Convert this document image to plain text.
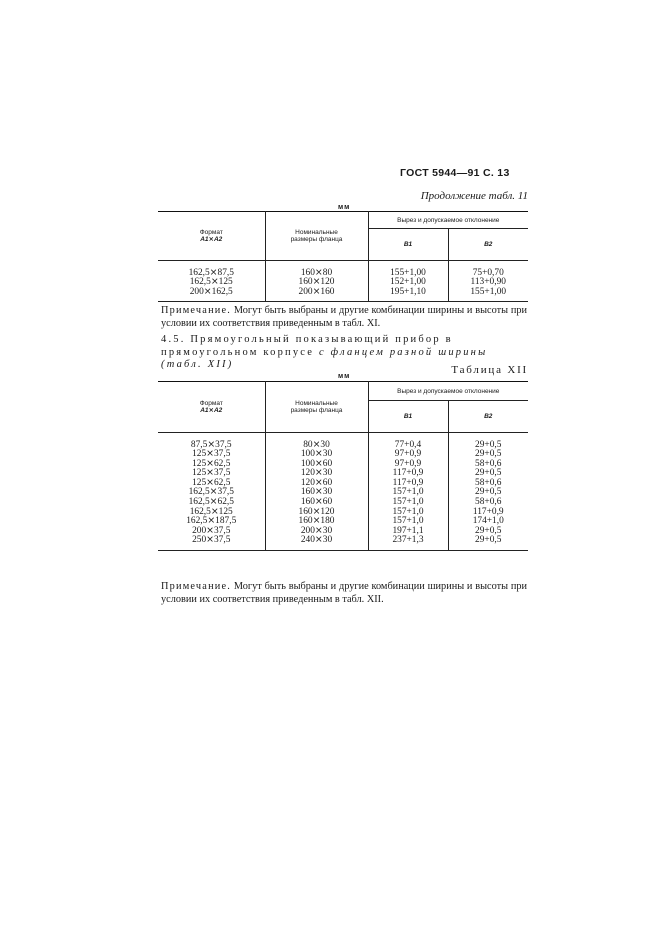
ГОСТ 5944—91 С. 13
Продолжение табл. 11
мм
Формат
А1⨯А2	Номинальные размеры фланца	Вырез и допускаемое отклонение	
		В1	В2

162,5⨯87,5	160⨯80	155+1,00	75+0,70
162,5⨯125	160⨯120	152+1,00	113+0,90
200⨯162,5	200⨯160	195+1,10	155+1,00

Примечание. Могут быть выбраны и другие комбинации ширины и высоты при условии их соответствия приведенным в табл. XI.
4.5. Прямоугольный показывающий прибор в прямоугольном корпусе с фланцем разной ширины (табл. XII)	Таблица XII
мм
Формат
А1⨯А2	Номинальные размеры фланца	Вырез и допускаемое отклонение	
		В1	В2

87,5⨯37,5	80⨯30	77+0,4	29+0,5
125⨯37,5	100⨯30	97+0,9	29+0,5
125⨯62,5	100⨯60	97+0,9	58+0,6
125⨯37,5	120⨯30	117+0,9	29+0,5
125⨯62,5	120⨯60	117+0,9	58+0,6
162,5⨯37,5	160⨯30	157+1,0	29+0,5
162,5⨯62,5	160⨯60	157+1,0	58+0,6
162,5⨯125	160⨯120	157+1,0	117+0,9
162,5⨯187,5	160⨯180	157+1,0	174+1,0
200⨯37,5	200⨯30	197+1,1	29+0,5
250⨯37,5	240⨯30	237+1,3	29+0,5

Примечание. Могут быть выбраны и другие комбинации ширины и высоты при условии их соответствия приведенным в табл. XII.
